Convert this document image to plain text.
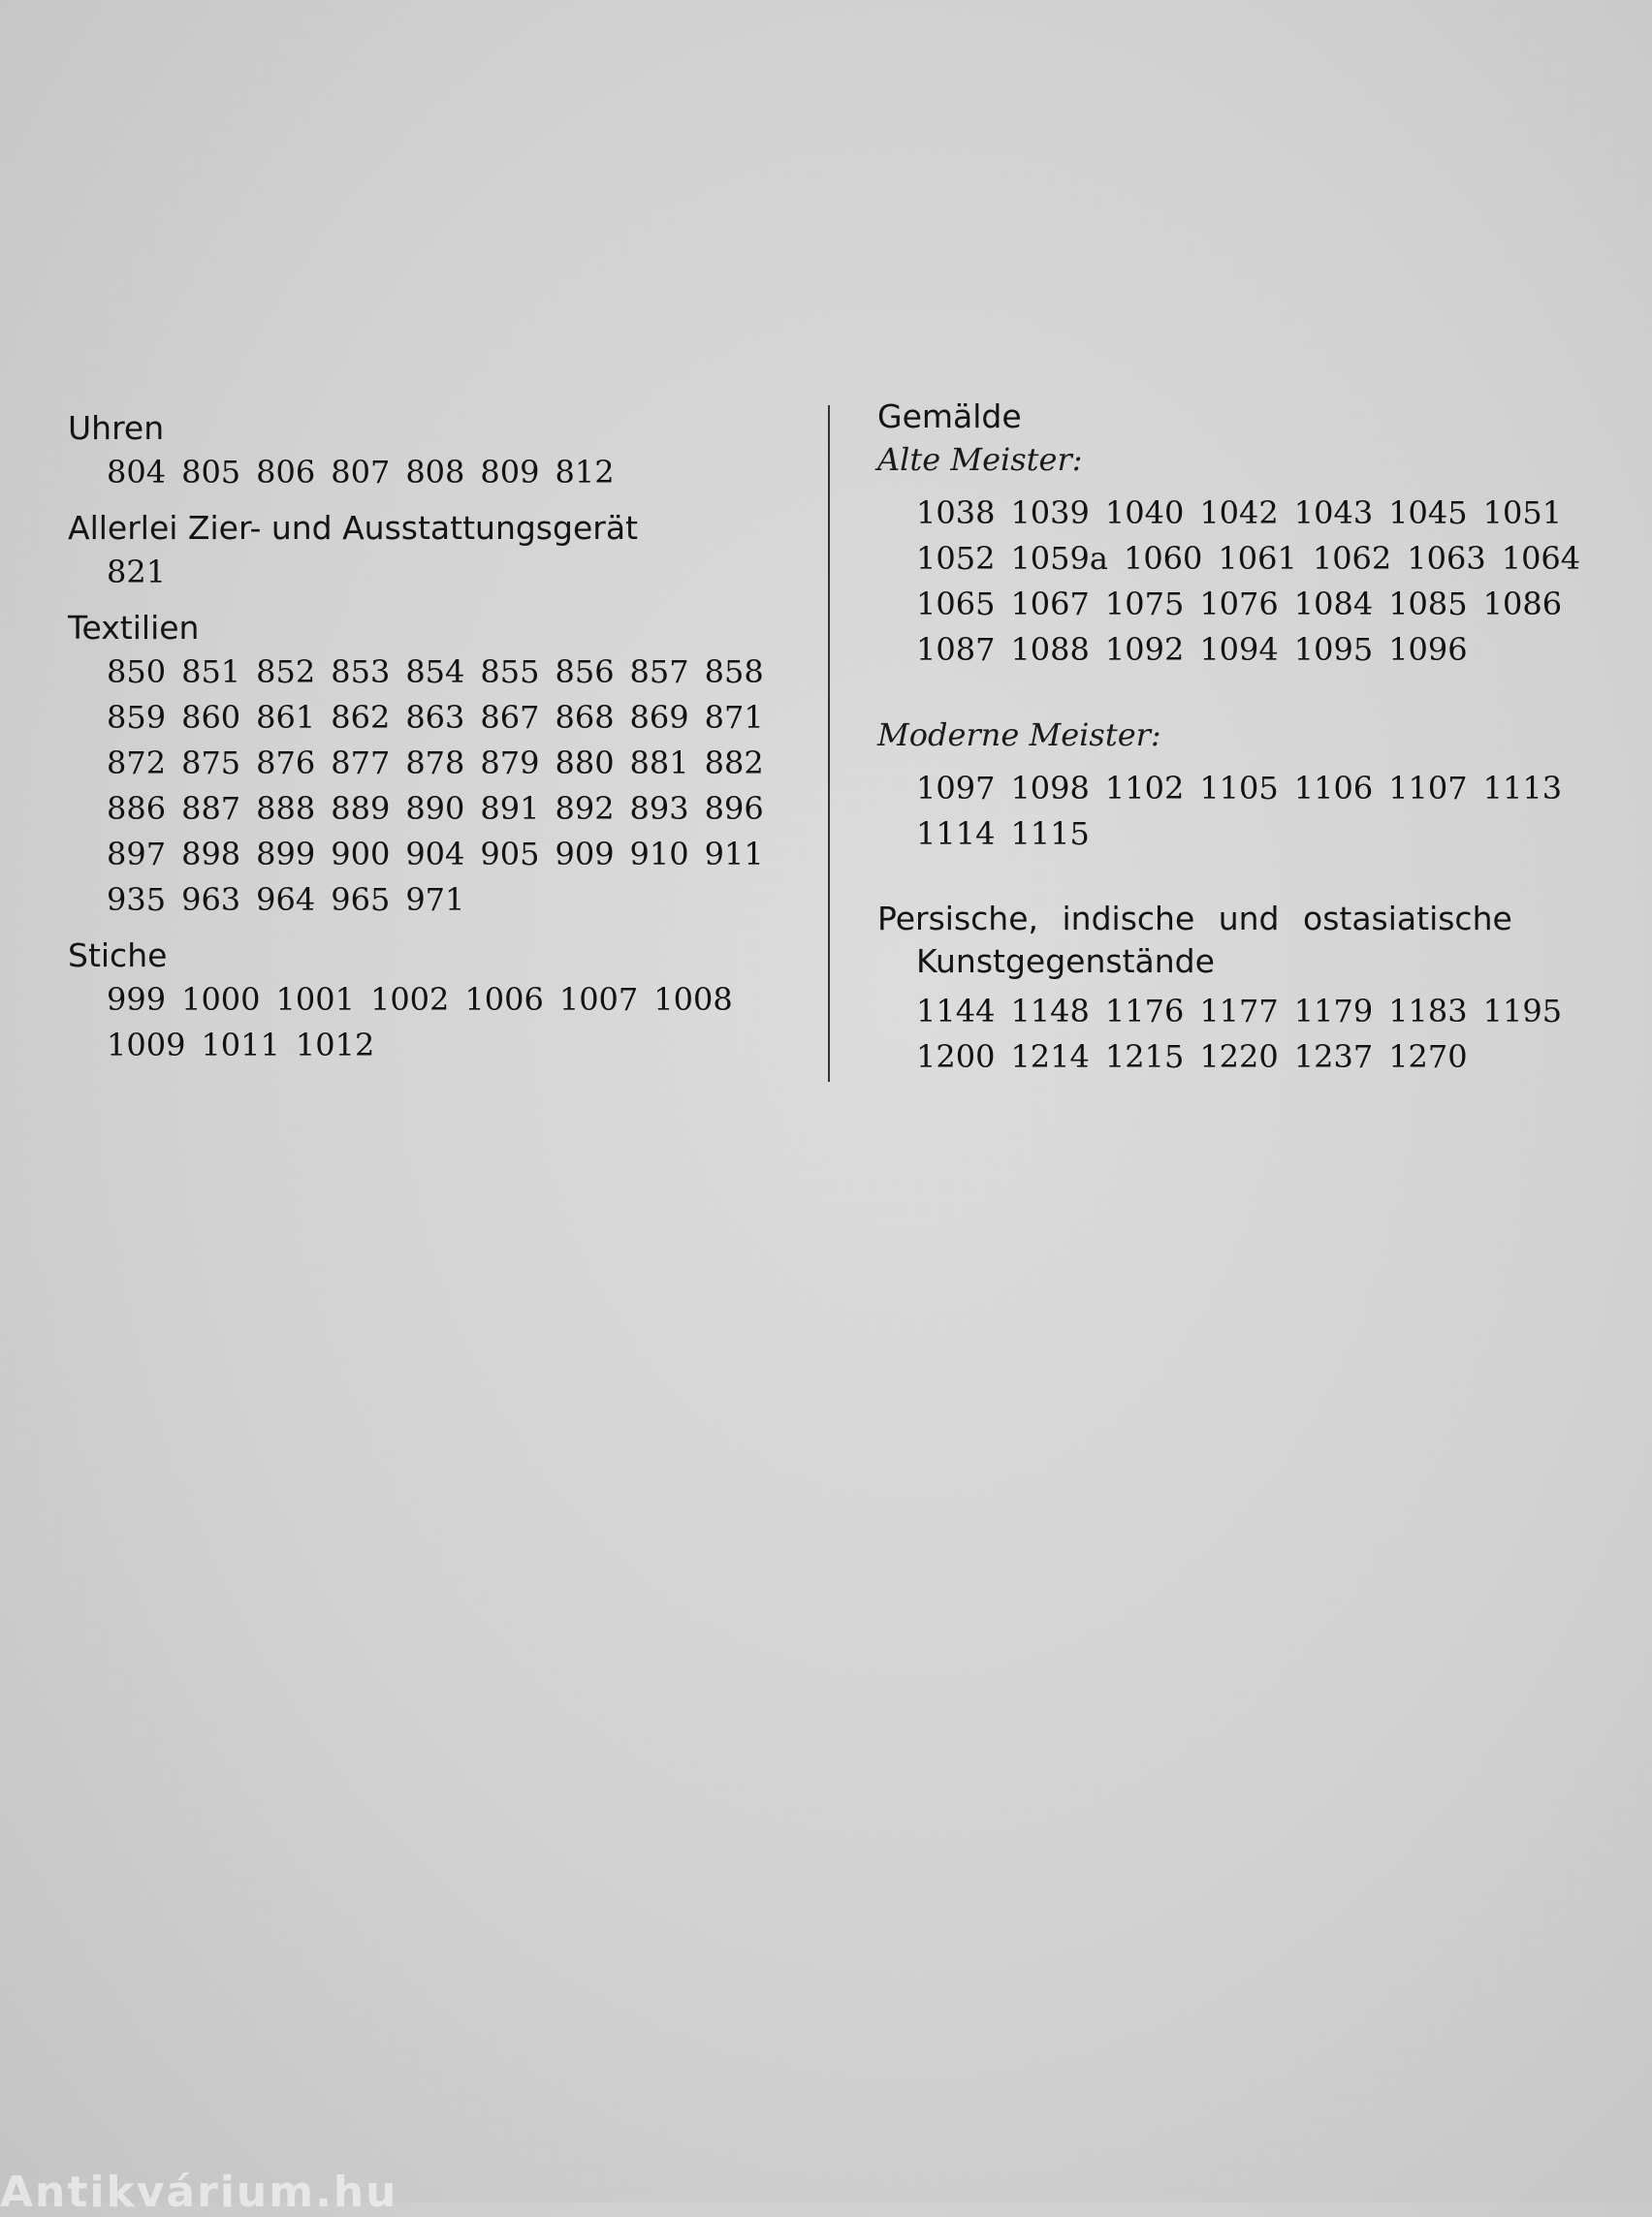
Uhren
804 805 806 807 808 809 812
Allerlei Zier- und Ausstattungsgerät
821
Textilien
850 851 852 853 854 855 856 857 858
859 860 861 862 863 867 868 869 871
872 875 876 877 878 879 880 881 882
886 887 888 889 890 891 892 893 896
897 898 899 900 904 905 909 910 911
935 963 964 965 971
Stiche
999 1000 1001 1002 1006 1007 1008
1009 1011 1012
Gemälde

Alte Meister:

1038 1039 1040 1042 1043 1045 1051
1052 1059a 1060 1061 1062 1063 1064
1065 1067 1075 1076 1084 1085 1086
1087 1088 1092 1094 1095 1096

Moderne Meister:

1097 1098 1102 1105 1106 1107 1113
1114 1115
Persische, indische und ostasiatische
Kunstgegenstände
1144 1148 1176 1177 1179 1183 1195
1200 1214 1215 1220 1237 1270
Antikvárium.hu
